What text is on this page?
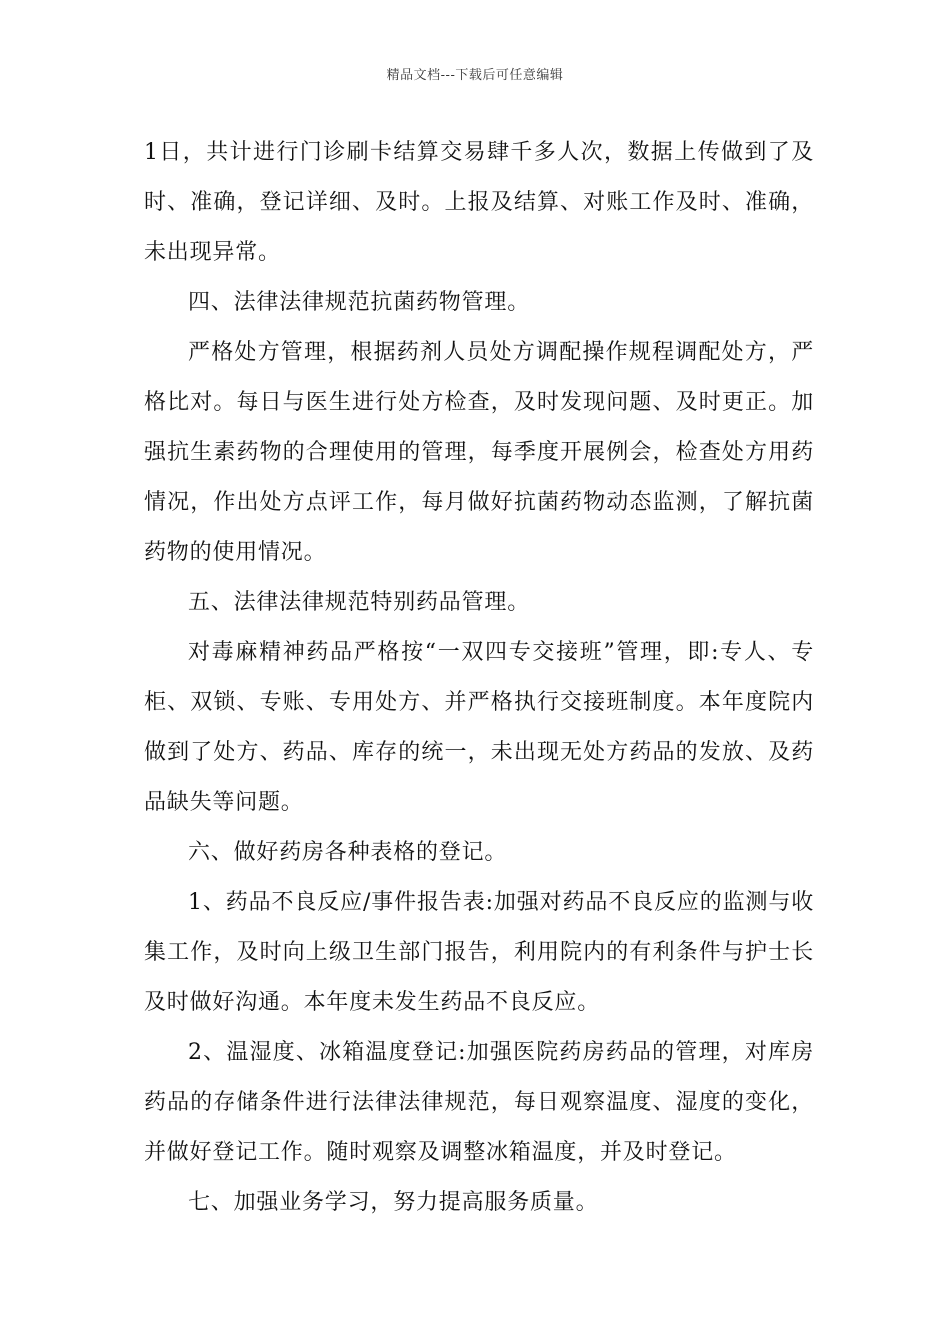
精品文档---下载后可任意编辑

1日，共计进行门诊刷卡结算交易肆千多人次，数据上传做到了及时、准确，登记详细、及时。上报及结算、对账工作及时、准确，未出现异常。

四、法律法律规范抗菌药物管理。

严格处方管理，根据药剂人员处方调配操作规程调配处方，严格比对。每日与医生进行处方检查，及时发现问题、及时更正。加强抗生素药物的合理使用的管理，每季度开展例会，检查处方用药情况，作出处方点评工作，每月做好抗菌药物动态监测，了解抗菌药物的使用情况。

五、法律法律规范特别药品管理。

对毒麻精神药品严格按“一双四专交接班”管理，即:专人、专柜、双锁、专账、专用处方、并严格执行交接班制度。本年度院内做到了处方、药品、库存的统一，未出现无处方药品的发放、及药品缺失等问题。

六、做好药房各种表格的登记。

1、药品不良反应/事件报告表:加强对药品不良反应的监测与收集工作，及时向上级卫生部门报告，利用院内的有利条件与护士长及时做好沟通。本年度未发生药品不良反应。

2、温湿度、冰箱温度登记:加强医院药房药品的管理，对库房药品的存储条件进行法律法律规范，每日观察温度、湿度的变化，并做好登记工作。随时观察及调整冰箱温度，并及时登记。

七、加强业务学习，努力提高服务质量。
